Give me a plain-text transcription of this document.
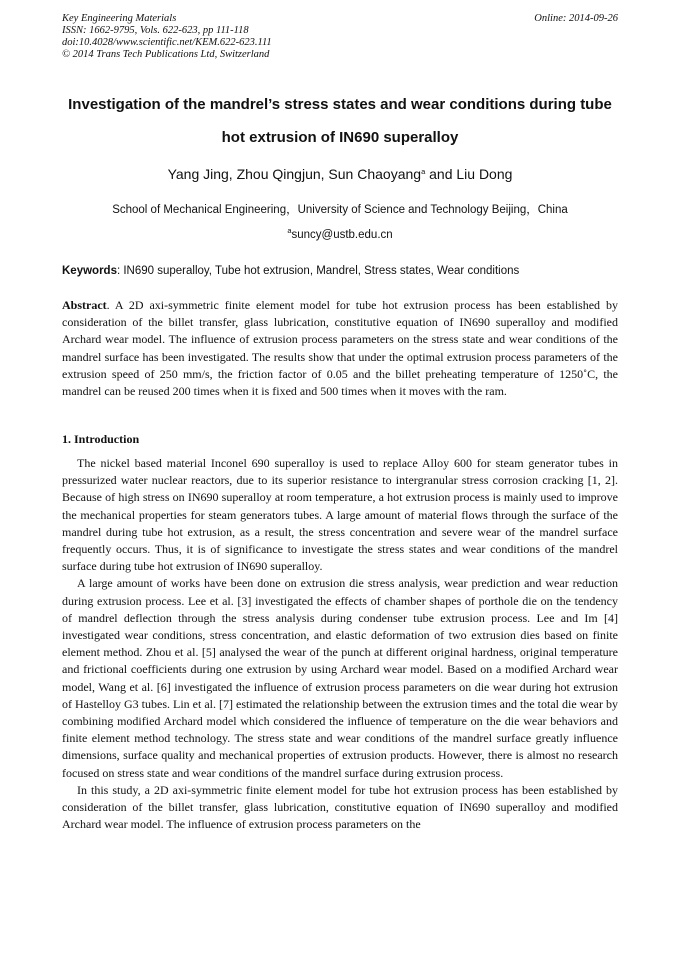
Key Engineering Materials
ISSN: 1662-9795, Vols. 622-623, pp 111-118
doi:10.4028/www.scientific.net/KEM.622-623.111
© 2014 Trans Tech Publications Ltd, Switzerland
Online: 2014-09-26
Investigation of the mandrel’s stress states and wear conditions during tube hot extrusion of IN690 superalloy
Yang Jing, Zhou Qingjun, Sun Chaoyang$^a$ and Liu Dong
School of Mechanical Engineering，University of Science and Technology Beijing，China
$^a$suncy@ustb.edu.cn
Keywords: IN690 superalloy, Tube hot extrusion, Mandrel, Stress states, Wear conditions

Abstract. A 2D axi-symmetric finite element model for tube hot extrusion process has been established by consideration of the billet transfer, glass lubrication, constitutive equation of IN690 superalloy and modified Archard wear model. The influence of extrusion process parameters on the stress state and wear conditions of the mandrel surface has been investigated. The results show that under the optimal extrusion process parameters of the extrusion speed of 250 mm/s, the friction factor of 0.05 and the billet preheating temperature of 1250˚C, the mandrel can be reused 200 times when it is fixed and 500 times when it moves with the ram.

1. Introduction

The nickel based material Inconel 690 superalloy is used to replace Alloy 600 for steam generator tubes in pressurized water nuclear reactors, due to its superior resistance to intergranular stress corrosion cracking [1, 2]. Because of high stress on IN690 superalloy at room temperature, a hot extrusion process is mainly used to improve the mechanical properties for steam generators tubes. A large amount of material flows through the surface of the mandrel during tube hot extrusion, as a result, the stress concentration and severe wear of the mandrel surface frequently occurs. Thus, it is of significance to investigate the stress states and wear conditions of the mandrel surface during tube hot extrusion of IN690 superalloy.

A large amount of works have been done on extrusion die stress analysis, wear prediction and wear reduction during extrusion process. Lee et al. [3] investigated the effects of chamber shapes of porthole die on the tendency of mandrel deflection through the stress analysis during condenser tube extrusion process. Lee and Im [4] investigated wear conditions, stress concentration, and elastic deformation of two extrusion dies based on finite element method. Zhou et al. [5] analysed the wear of the punch at different original hardness, original temperature and frictional coefficients during one extrusion by using Archard wear model. Based on a modified Archard wear model, Wang et al. [6] investigated the influence of extrusion process parameters on die wear during hot extrusion of Hastelloy G3 tubes. Lin et al. [7] estimated the relationship between the extrusion times and the total die wear by combining modified Archard model which considered the influence of temperature on the die wear behaviors and finite element method technology. The stress state and wear conditions of the mandrel surface greatly influence dimensions, surface quality and mechanical properties of extrusion products. However, there is almost no research focused on stress state and wear conditions of the mandrel surface during extrusion process.

In this study, a 2D axi-symmetric finite element model for tube hot extrusion process has been established by consideration of the billet transfer, glass lubrication, constitutive equation of IN690 superalloy and modified Archard wear model. The influence of extrusion process parameters on the
